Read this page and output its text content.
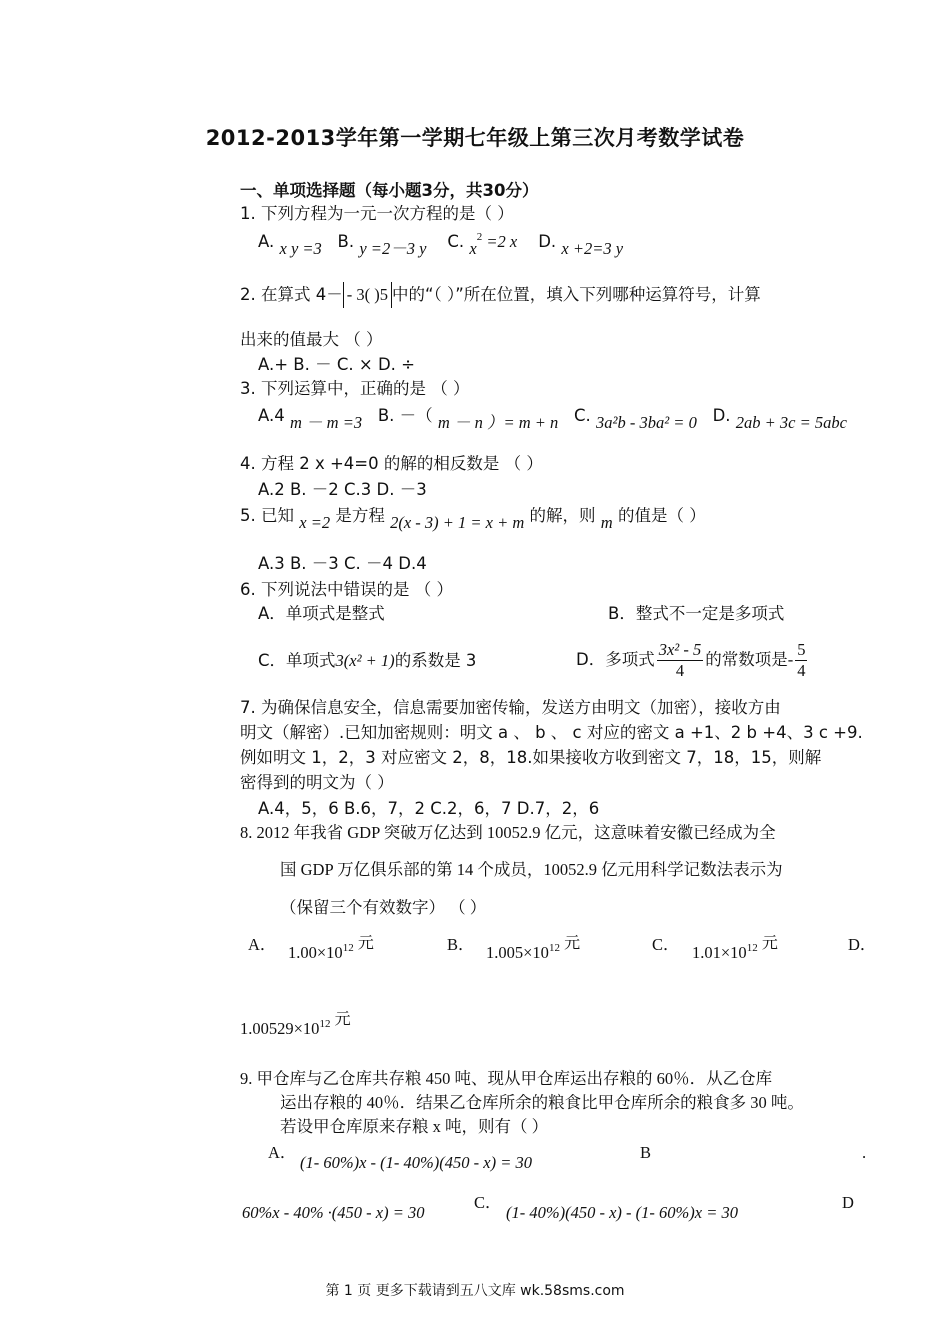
2012-2013学年第一学期七年级上第三次月考数学试卷
一、单项选择题（每小题3分，共30分）
1. 下列方程为一元一次方程的是（ ）
A. x y =3 B. y =2－3 y C. $x^2 =2$ x D. x +2=3 y
2. 在算式 4－ - 3( )5 中的“（ ）”所在位置，填入下列哪种运算符号，计算
出来的值最大 （ ）
A.+ B. － C. × D. ÷
3. 下列运算中，正确的是 （ ）
A.4 m － m =3 B. －（ m － n ）= m + n C. 3a²b - 3ba² = 0 D. 2ab + 3c = 5abc
4. 方程 2 x +4=0 的解的相反数是 （ ）
A.2 B. －2 C.3 D. －3
5. 已知 x =2 是方程 2(x - 3) + 1 = x + m 的解，则 m 的值是（ ）
A.3 B. －3 C. －4 D.4
6. 下列说法中错误的是 （ ）
A．单项式是整式	B．整式不一定是多项式
C．单项式3(x² + 1)的系数是 3	D．多项式 $\frac{\text{3x² - 5}}{4}$ 的常数项是- $\frac{5}{4}$
7. 为确保信息安全，信息需要加密传输，发送方由明文（加密），接收方由
明文（解密）.已知加密规则：明文 a 、 b 、 c 对应的密文 a +1、2 b +4、3 c +9.
例如明文 1，2，3 对应密文 2，8，18.如果接收方收到密文 7，18，15，则解
密得到的明文为（ ）
A.4，5，6 B.6，7，2 C.2，6，7 D.7，2，6
8. 2012 年我省 GDP 突破万亿达到 10052.9 亿元，这意味着安徽已经成为全
国 GDP 万亿俱乐部的第 14 个成员，10052.9 亿元用科学记数法表示为
（保留三个有效数字） （ ）
A． $1.00\times 10^{12}$ 元	B． $1.005\times 10^{12}$ 元	C． $1.01\times 10^{12}$ 元	D．
$1.00529\times 10^{12}$ 元
9. 甲仓库与乙仓库共存粮 450 吨、现从甲仓库运出存粮的 60％．从乙仓库
运出存粮的 40％．结果乙仓库所余的粮食比甲仓库所余的粮食多 30 吨。
若设甲仓库原来存粮 x 吨，则有（ ）
A．
(1- 60%)x - (1- 40%)(450 - x) = 30
B	.
60%x - 40% ·(450 - x) = 30
C．
(1- 40%)(450 - x) - (1- 60%)x = 30
D
第 1 页 更多下载请到五八文库 wk.58sms.com
